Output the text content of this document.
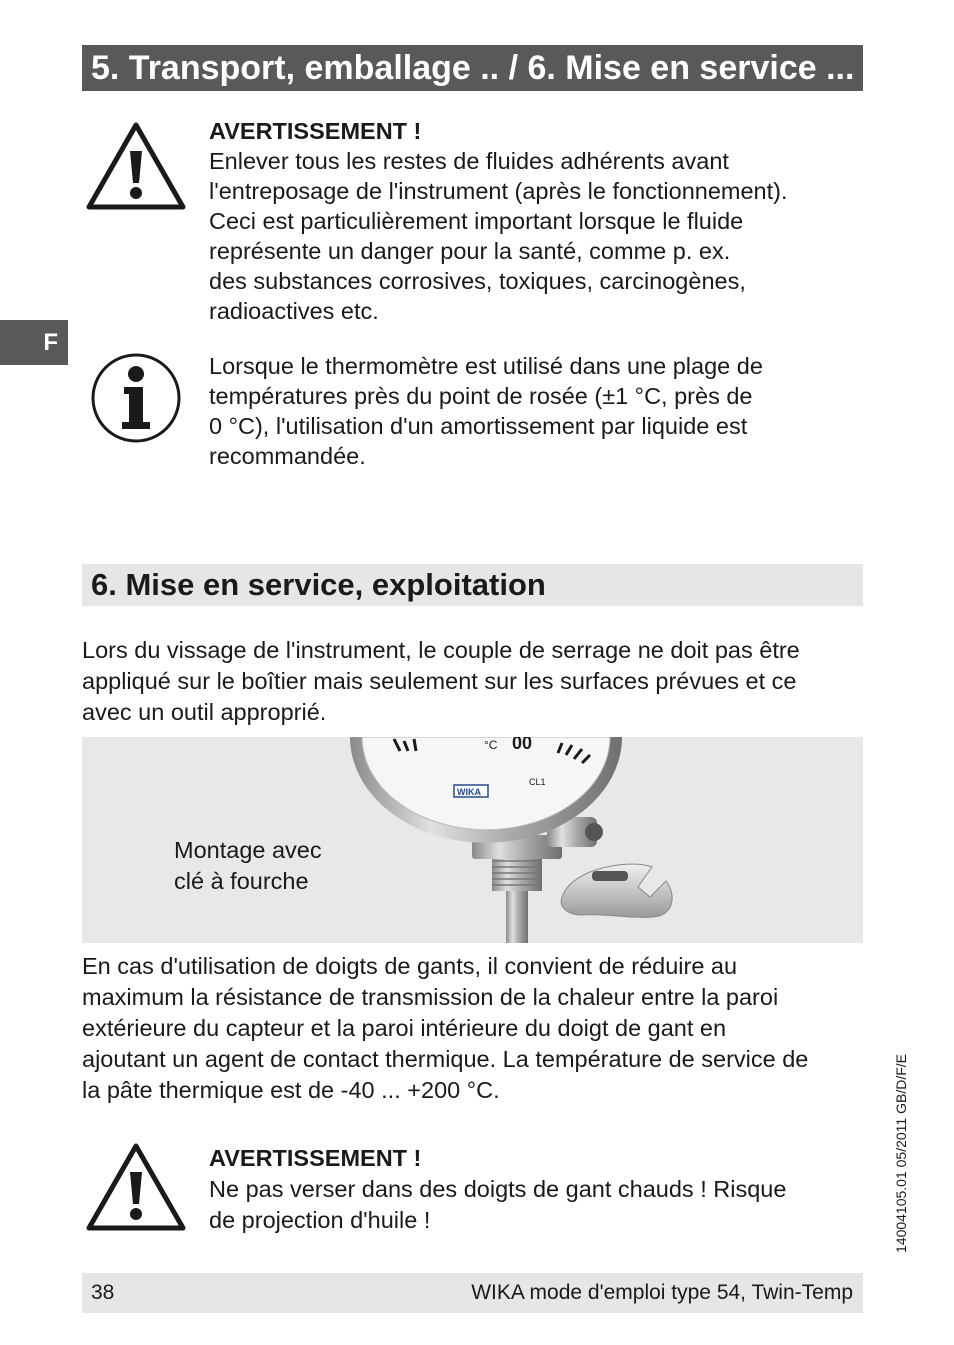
5. Transport, emballage .. / 6. Mise en service ...
F
AVERTISSEMENT !
Enlever tous les restes de fluides adhérents avant
l'entreposage de l'instrument (après le fonctionnement).
Ceci est particulièrement important lorsque le fluide
représente un danger pour la santé, comme p. ex.
des substances corrosives, toxiques, carcinogènes,
radioactives etc.
Lorsque le thermomètre est utilisé dans une plage de
températures près du point de rosée (±1 °C, près de
0 °C), l'utilisation d'un amortissement par liquide est
recommandée.
6. Mise en service, exploitation
Lors du vissage de l'instrument, le couple de serrage ne doit pas être
appliqué sur le boîtier mais seulement sur les surfaces prévues et ce
avec un outil approprié.
Montage avec
clé à fourche
°C 00
WIKA
CL1
En cas d'utilisation de doigts de gants, il convient de réduire au
maximum la résistance de transmission de la chaleur entre la paroi
extérieure du capteur et la paroi intérieure du doigt de gant en
ajoutant un agent de contact thermique. La température de service de
la pâte thermique est de -40 ... +200 °C.
AVERTISSEMENT !
Ne pas verser dans des doigts de gant chauds ! Risque
de projection d'huile !	14004105.01 05/2011 GB/D/F/E
38	WIKA mode d'emploi type 54, Twin-Temp
